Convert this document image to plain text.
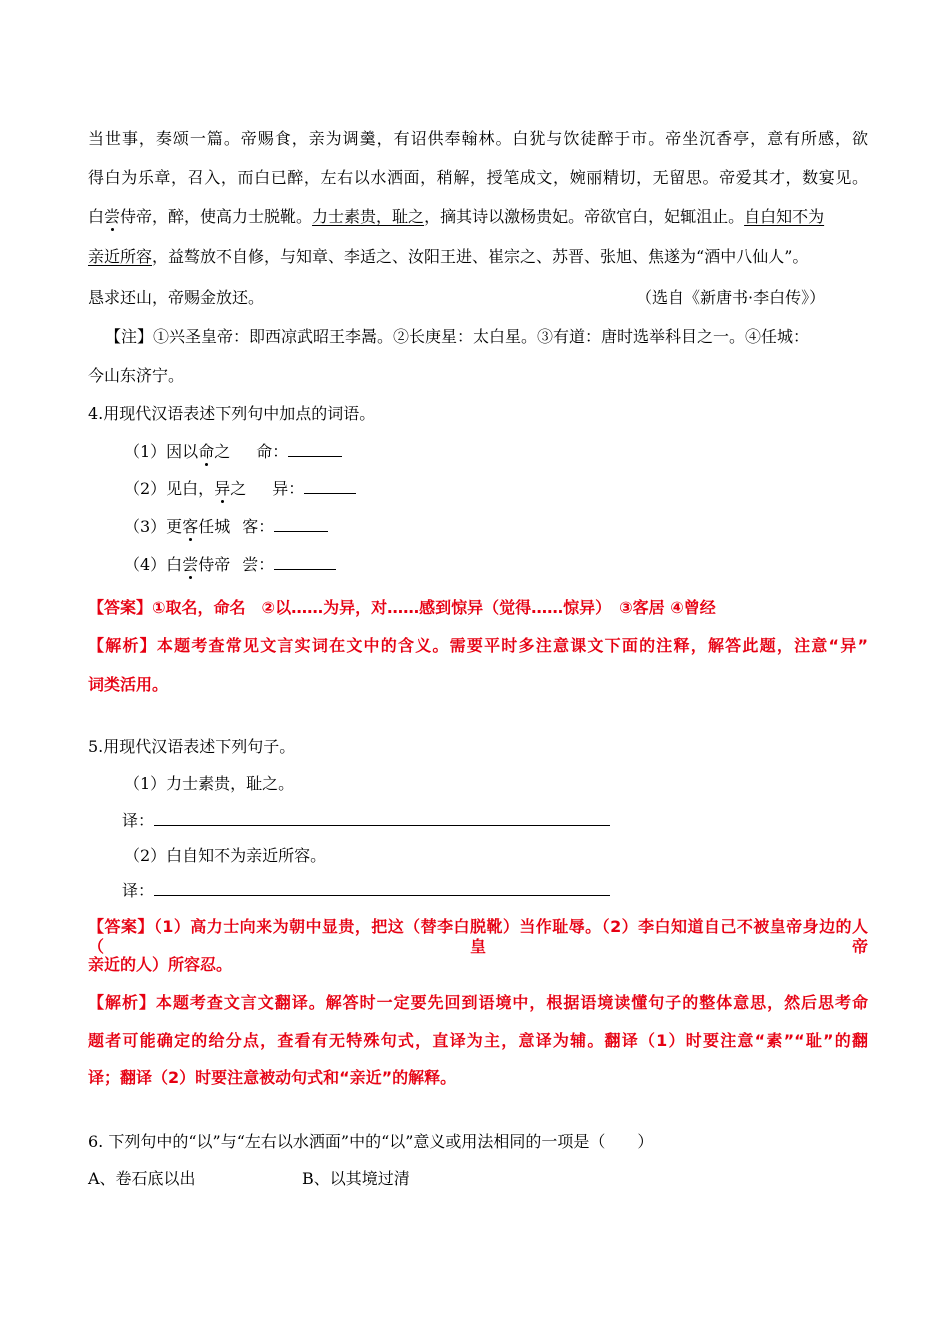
当世事，奏颂一篇。帝赐食，亲为调羹，有诏供奉翰林。白犹与饮徒醉于市。帝坐沉香亭，意有所感，欲
得白为乐章，召入，而白已醉，左右以水洒面，稍解，授笔成文，婉丽精切，无留思。帝爱其才，数宴见。
白尝侍帝，醉，使高力士脱靴。力士素贵，耻之，摘其诗以激杨贵妃。帝欲官白，妃辄沮止。自白知不为
亲近所容，益骜放不自修，与知章、李适之、汝阳王进、崔宗之、苏晋、张旭、焦遂为“酒中八仙人”。
恳求还山，帝赐金放还。	（选自《新唐书·李白传》）
【注】①兴圣皇帝：即西凉武昭王李暠。②长庚星：太白星。③有道：唐时选举科目之一。④任城：
今山东济宁。
4.用现代汉语表述下列句中加点的词语。
（1）因以命之 命：
（2）见白，异之 异：
（3）更客任城 客：
（4）白尝侍帝 尝：
【答案】①取名，命名　②以……为异，对……感到惊异（觉得……惊异）　③客居 ④曾经
【解析】本题考查常见文言实词在文中的含义。需要平时多注意课文下面的注释，解答此题，注意“异”
词类活用。
5.用现代汉语表述下列句子。
（1）力士素贵，耻之。
译：
（2）白自知不为亲近所容。
译：
【答案】（1）高力士向来为朝中显贵，把这（替李白脱靴）当作耻辱。（2）李白知道自己不被皇帝身边的人（皇帝
亲近的人）所容忍。
【解析】本题考查文言文翻译。解答时一定要先回到语境中，根据语境读懂句子的整体意思，然后思考命
题者可能确定的给分点，查看有无特殊句式，直译为主，意译为辅。翻译（1）时要注意“素”“耻”的翻
译；翻译（2）时要注意被动句式和“亲近”的解释。
6. 下列句中的“以”与“左右以水洒面”中的“以”意义或用法相同的一项是（　　）
A、卷石底以出	B、以其境过清
